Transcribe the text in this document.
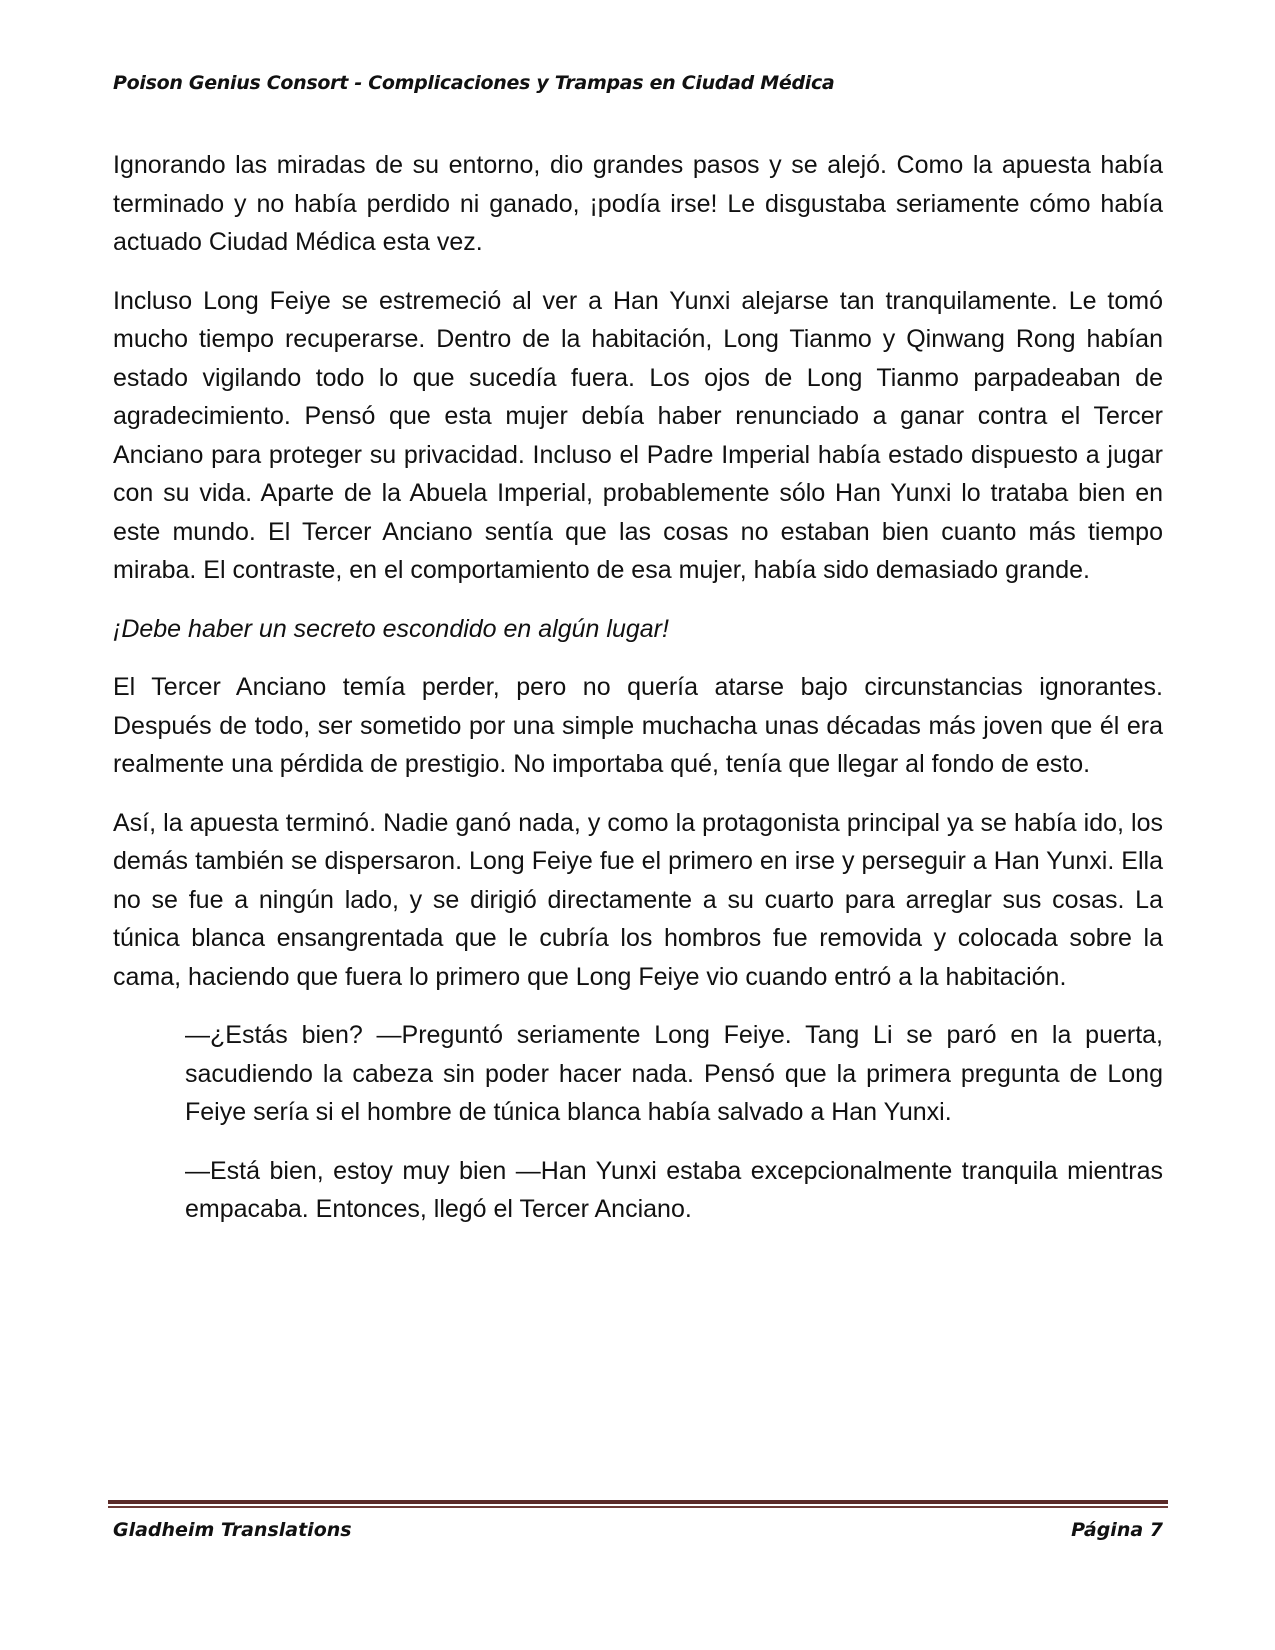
Poison Genius Consort - Complicaciones y Trampas en Ciudad Médica

Ignorando las miradas de su entorno, dio grandes pasos y se alejó. Como la apuesta había terminado y no había perdido ni ganado, ¡podía irse! Le disgustaba seriamente cómo había actuado Ciudad Médica esta vez.

Incluso Long Feiye se estremeció al ver a Han Yunxi alejarse tan tranquilamente. Le tomó mucho tiempo recuperarse. Dentro de la habitación, Long Tianmo y Qinwang Rong habían estado vigilando todo lo que sucedía fuera. Los ojos de Long Tianmo parpadeaban de agradecimiento. Pensó que esta mujer debía haber renunciado a ganar contra el Tercer Anciano para proteger su privacidad. Incluso el Padre Imperial había estado dispuesto a jugar con su vida. Aparte de la Abuela Imperial, probablemente sólo Han Yunxi lo trataba bien en este mundo. El Tercer Anciano sentía que las cosas no estaban bien cuanto más tiempo miraba. El contraste, en el comportamiento de esa mujer, había sido demasiado grande.

¡Debe haber un secreto escondido en algún lugar!

El Tercer Anciano temía perder, pero no quería atarse bajo circunstancias ignorantes. Después de todo, ser sometido por una simple muchacha unas décadas más joven que él era realmente una pérdida de prestigio. No importaba qué, tenía que llegar al fondo de esto.

Así, la apuesta terminó. Nadie ganó nada, y como la protagonista principal ya se había ido, los demás también se dispersaron. Long Feiye fue el primero en irse y perseguir a Han Yunxi. Ella no se fue a ningún lado, y se dirigió directamente a su cuarto para arreglar sus cosas. La túnica blanca ensangrentada que le cubría los hombros fue removida y colocada sobre la cama, haciendo que fuera lo primero que Long Feiye vio cuando entró a la habitación.

—¿Estás bien? —Preguntó seriamente Long Feiye. Tang Li se paró en la puerta, sacudiendo la cabeza sin poder hacer nada. Pensó que la primera pregunta de Long Feiye sería si el hombre de túnica blanca había salvado a Han Yunxi.

—Está bien, estoy muy bien —Han Yunxi estaba excepcionalmente tranquila mientras empacaba. Entonces, llegó el Tercer Anciano.

Gladheim Translations	Página 7
